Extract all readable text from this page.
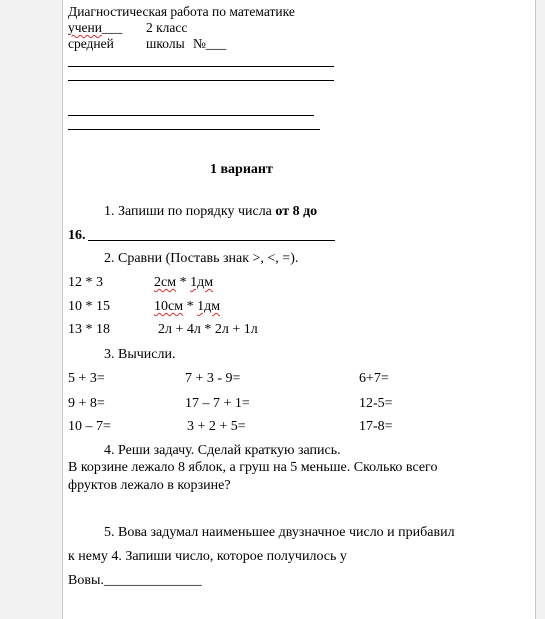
Диагностическая работа по математике
учени___ 2 класс
средней школы №___
1 вариант
1. Запиши по порядку числа от 8 до
16.
2. Сравни (Поставь знак >, <, =).
12 * 3	2см * 1дм
10 * 15	10см * 1дм
13 * 18	2л + 4л * 2л + 1л
3. Вычисли.
5 + 3=	7 + 3 - 9=	6+7=
9 + 8=	17 – 7 + 1=	12-5=
10 – 7=	3 + 2 + 5=	17-8=
4. Реши задачу. Сделай краткую запись.
В корзине лежало 8 яблок, а груш на 5 меньше. Сколько всего
фруктов лежало в корзине?
5. Вова задумал наименьшее двузначное число и прибавил
к нему 4. Запиши число, которое получилось у
Вовы.______________
